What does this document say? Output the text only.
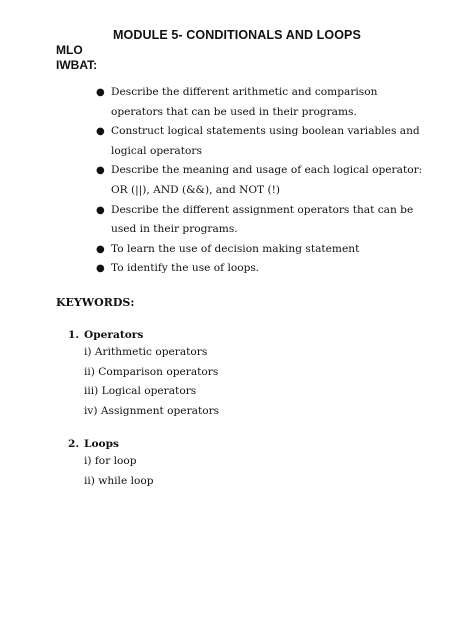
MODULE 5- CONDITIONALS AND LOOPS
MLO
IWBAT:
● Describe the different arithmetic and comparison operators that can be used in their programs.
● Construct logical statements using boolean variables and logical operators
● Describe the meaning and usage of each logical operator: OR (||), AND (&&), and NOT (!)
● Describe the different assignment operators that can be used in their programs.
● To learn the use of decision making statement
● To identify the use of loops.
KEYWORDS:
1. Operators
i) Arithmetic operators
ii) Comparison operators
iii) Logical operators
iv) Assignment operators
2. Loops
i) for loop
ii) while loop
